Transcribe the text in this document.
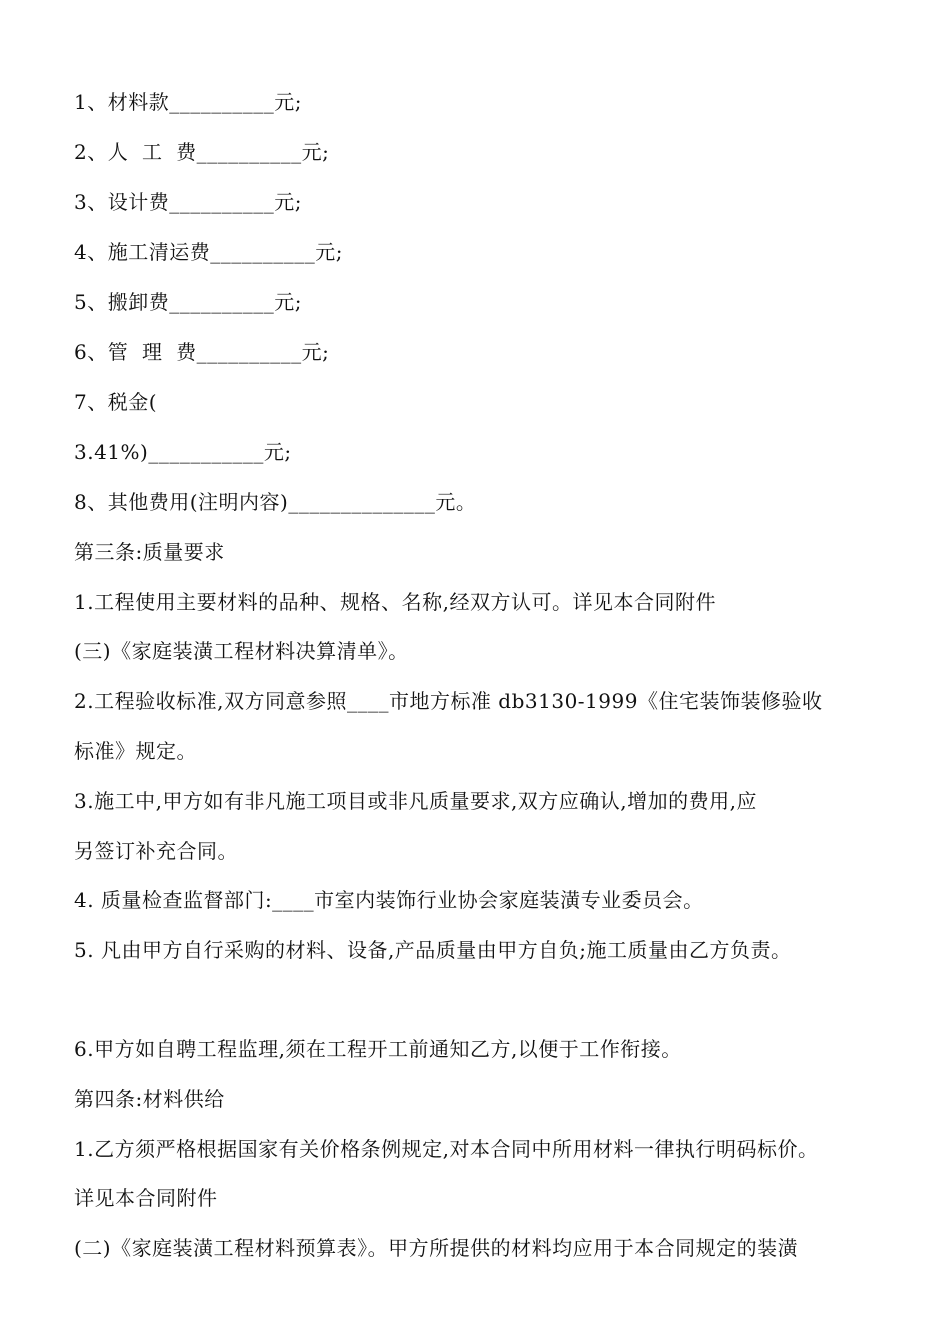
1、材料款__________元;
2、人  工  费__________元;
3、设计费__________元;
4、施工清运费__________元;
5、搬卸费__________元;
6、管  理  费__________元;
7、税金(
3.41%)___________元;
8、其他费用(注明内容)______________元。
第三条:质量要求
1.工程使用主要材料的品种、规格、名称,经双方认可。详见本合同附件
(三)《家庭装潢工程材料决算清单》。
2.工程验收标准,双方同意参照____市地方标准 db3130-1999《住宅装饰装修验收
标准》规定。
3.施工中,甲方如有非凡施工项目或非凡质量要求,双方应确认,增加的费用,应
另签订补充合同。
4. 质量检查监督部门:____市室内装饰行业协会家庭装潢专业委员会。
5. 凡由甲方自行采购的材料、设备,产品质量由甲方自负;施工质量由乙方负责。
6.甲方如自聘工程监理,须在工程开工前通知乙方,以便于工作衔接。
第四条:材料供给
1.乙方须严格根据国家有关价格条例规定,对本合同中所用材料一律执行明码标价。
详见本合同附件
(二)《家庭装潢工程材料预算表》。甲方所提供的材料均应用于本合同规定的装潢
